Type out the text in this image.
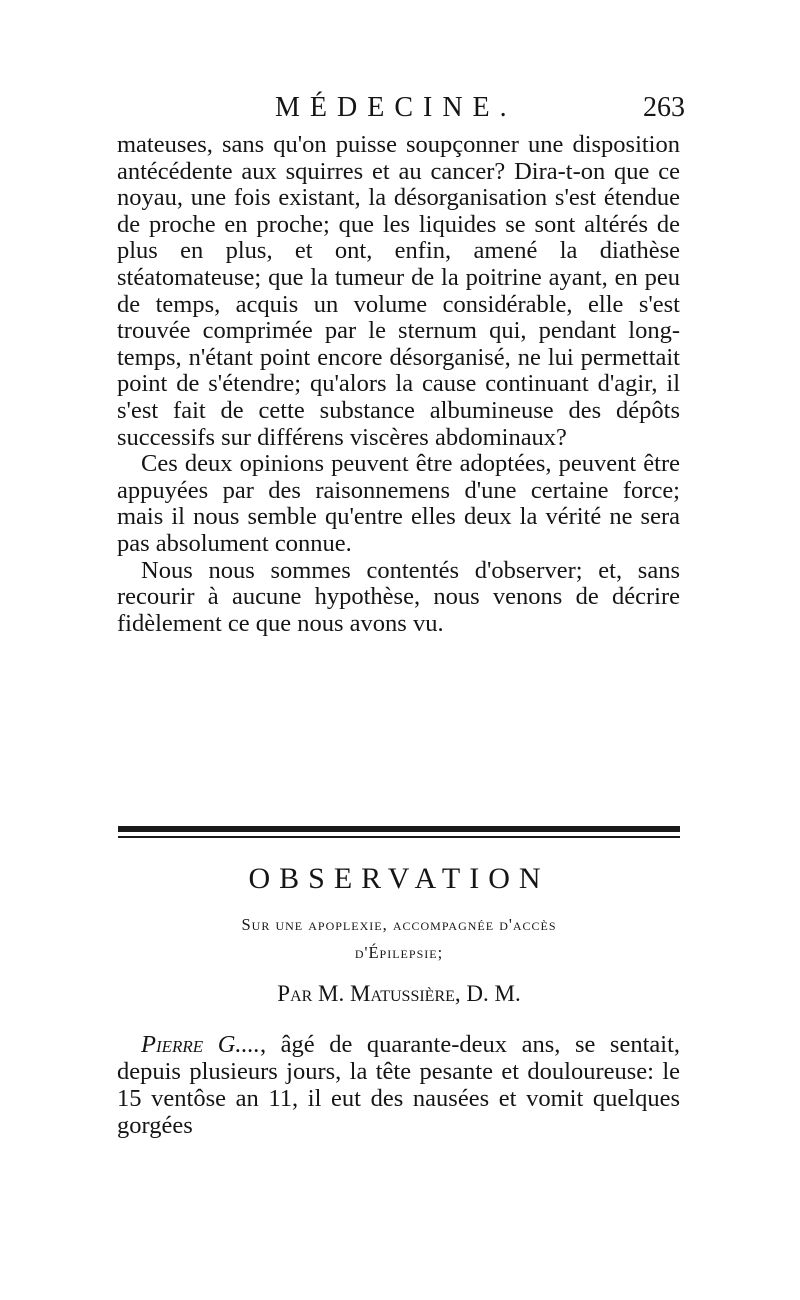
MÉDECINE.	263

mateuses, sans qu'on puisse soupçonner une disposition antécédente aux squirres et au cancer? Dira-t-on que ce noyau, une fois existant, la désorganisation s'est étendue de proche en proche; que les liquides se sont altérés de plus en plus, et ont, enfin, amené la diathèse stéatomateuse; que la tumeur de la poitrine ayant, en peu de temps, acquis un volume considérable, elle s'est trouvée comprimée par le sternum qui, pendant long-temps, n'étant point encore désorganisé, ne lui permettait point de s'étendre; qu'alors la cause continuant d'agir, il s'est fait de cette substance albumineuse des dépôts successifs sur différens viscères abdominaux?

Ces deux opinions peuvent être adoptées, peuvent être appuyées par des raisonnemens d'une certaine force; mais il nous semble qu'entre elles deux la vérité ne sera pas absolument connue.

Nous nous sommes contentés d'observer; et, sans recourir à aucune hypothèse, nous venons de décrire fidèlement ce que nous avons vu.

OBSERVATION
Sur une apoplexie, accompagnée d'accès
d'Épilepsie;
Par M. Matussière, D. M.

Pierre G...., âgé de quarante-deux ans, se sentait, depuis plusieurs jours, la tête pesante et douloureuse: le 15 ventôse an 11, il eut des nausées et vomit quelques gorgées
